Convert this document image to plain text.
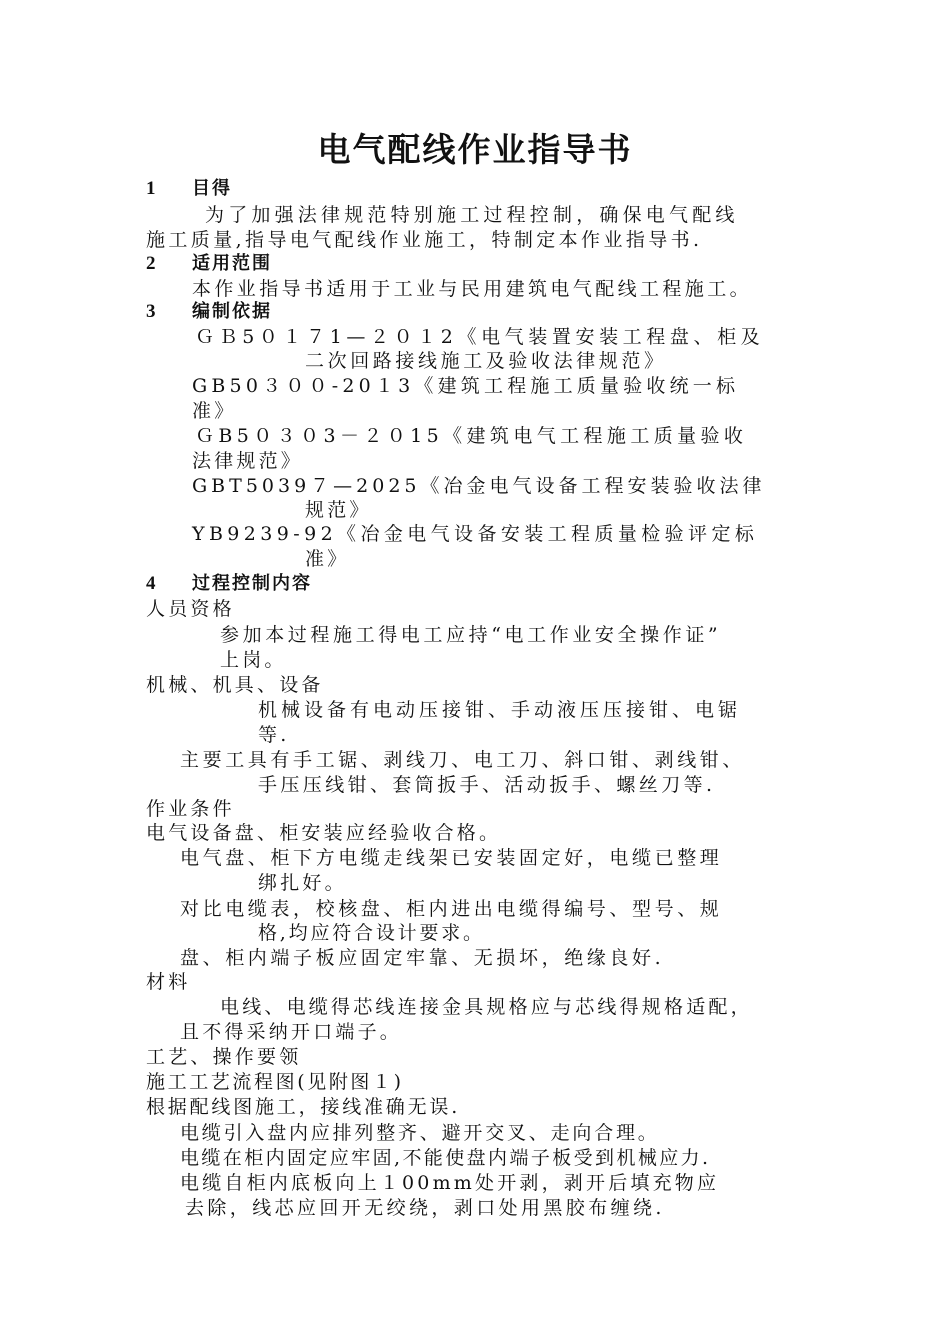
电气配线作业指导书
1 目得
为了加强法律规范特别施工过程控制，确保电气配线
施工质量,指导电气配线作业施工，特制定本作业指导书.
2 适用范围
本作业指导书适用于工业与民用建筑电气配线工程施工。
3 编制依据
ＧＢ5０１７1—２０１2《电气装置安装工程盘、柜及
二次回路接线施工及验收法律规范》
GB50３００-20１3《建筑工程施工质量验收统一标
准》
ＧB5０３０3－２０15《建筑电气工程施工质量验收
法律规范》
GBT5039７—2025《冶金电气设备工程安装验收法律
规范》
YB9239-92《冶金电气设备安装工程质量检验评定标
准》
4 过程控制内容
人员资格
参加本过程施工得电工应持“电工作业安全操作证”
上岗。
机械、机具、设备
机械设备有电动压接钳、手动液压压接钳、电锯
等.
主要工具有手工锯、剥线刀、电工刀、斜口钳、剥线钳、
手压压线钳、套筒扳手、活动扳手、螺丝刀等.
作业条件
电气设备盘、柜安装应经验收合格。
电气盘、柜下方电缆走线架已安装固定好，电缆已整理
绑扎好。
对比电缆表，校核盘、柜内进出电缆得编号、型号、规
格,均应符合设计要求。
盘、柜内端子板应固定牢靠、无损坏，绝缘良好.
材料
电线、电缆得芯线连接金具规格应与芯线得规格适配，
且不得采纳开口端子。
工艺、操作要领
施工工艺流程图(见附图１)
根据配线图施工，接线准确无误.
电缆引入盘内应排列整齐、避开交叉、走向合理。
电缆在柜内固定应牢固,不能使盘内端子板受到机械应力.
电缆自柜内底板向上１00mm处开剥，剥开后填充物应
去除，线芯应回开无绞绕，剥口处用黑胶布缠绕.
